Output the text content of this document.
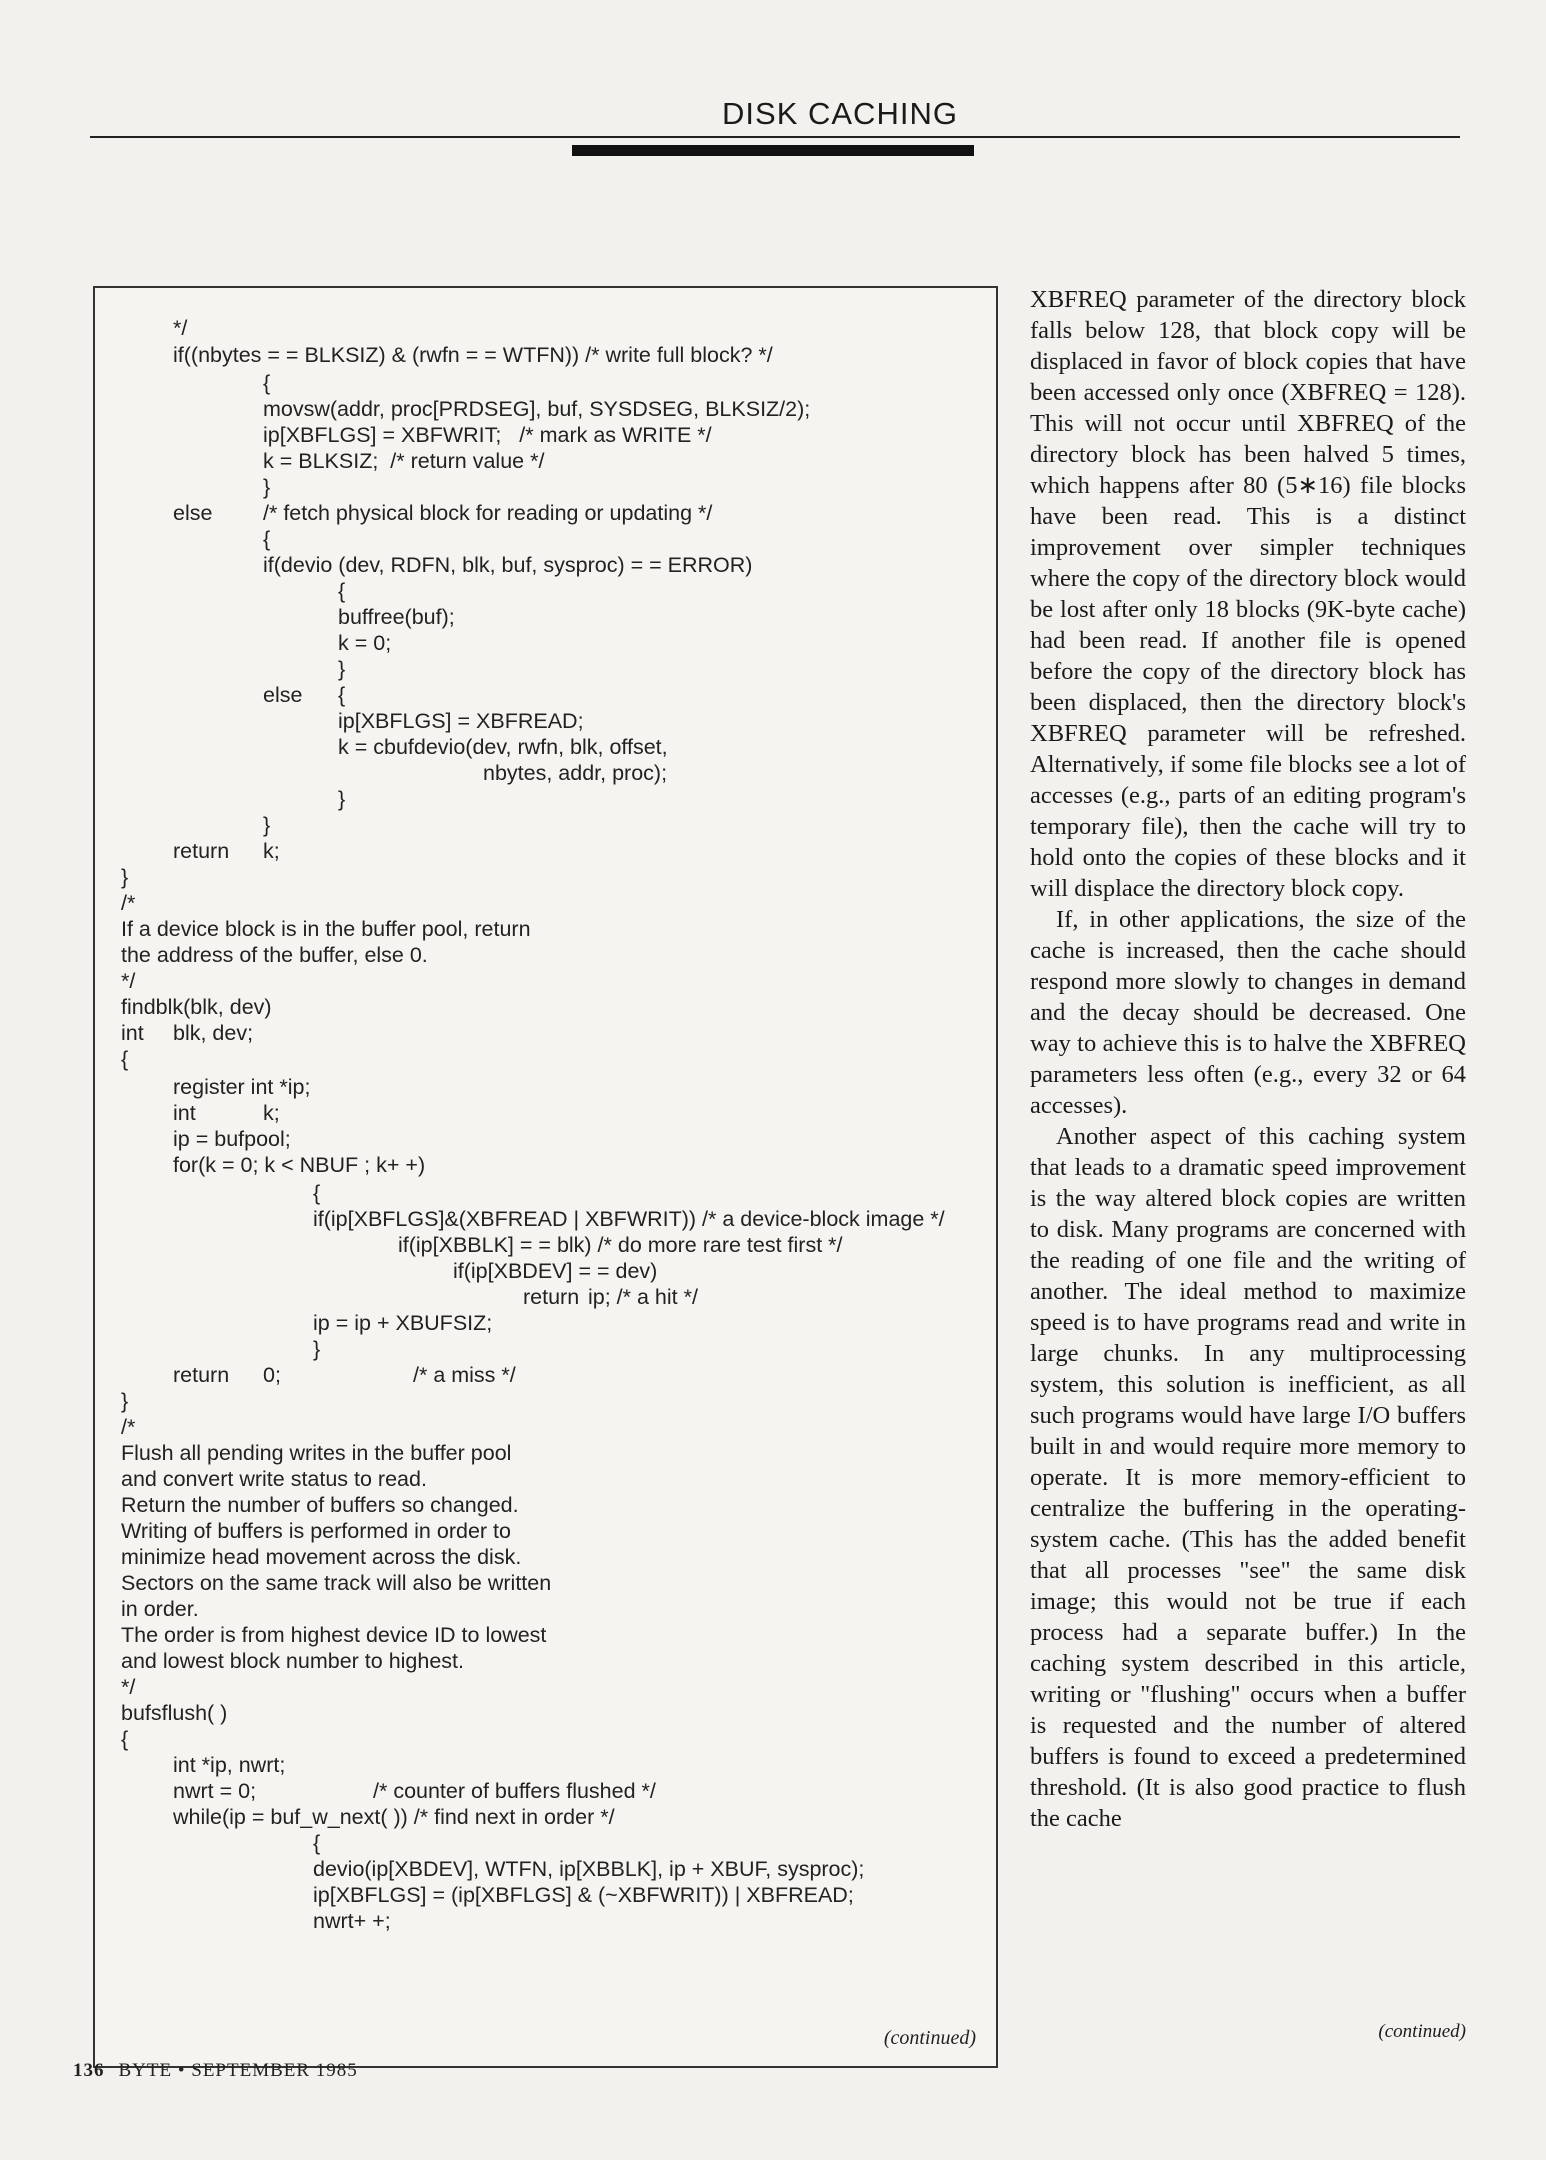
DISK CACHING
*/
if((nbytes = = BLKSIZ) & (rwfn = = WTFN)) /* write full block? */
{
movsw(addr, proc[PRDSEG], buf, SYSDSEG, BLKSIZ/2);
ip[XBFLGS] = XBFWRIT;   /* mark as WRITE */
k = BLKSIZ;  /* return value */
}
else /* fetch physical block for reading or updating */
{
if(devio (dev, RDFN, blk, buf, sysproc) = = ERROR)
{
buffree(buf);
k = 0;
}
else {
ip[XBFLGS] = XBFREAD;
k = cbufdevio(dev, rwfn, blk, offset,
nbytes, addr, proc);
}
}
return k;
}
/*
If a device block is in the buffer pool, return
the address of the buffer, else 0.
*/
findblk(blk, dev)
int blk, dev;
{
register int *ip;
int	k;
ip = bufpool;
for(k = 0; k < NBUF ; k+ +)
{
if(ip[XBFLGS]&(XBFREAD | XBFWRIT)) /* a device-block image */
if(ip[XBBLK] = = blk) /* do more rare test first */
if(ip[XBDEV] = = dev)
return ip; /* a hit */
ip = ip + XBUFSIZ;
}
return 0;	/* a miss */
}
/*
Flush all pending writes in the buffer pool
and convert write status to read.
Return the number of buffers so changed.
Writing of buffers is performed in order to
minimize head movement across the disk.
Sectors on the same track will also be written
in order.
The order is from highest device ID to lowest
and lowest block number to highest.
*/
bufsflush( )
{
int *ip, nwrt;
nwrt = 0;	/* counter of buffers flushed */
while(ip = buf_w_next( )) /* find next in order */
{
devio(ip[XBDEV], WTFN, ip[XBBLK], ip + XBUF, sysproc);
ip[XBFLGS] = (ip[XBFLGS] & (~XBFWRIT)) | XBFREAD;
nwrt+ +;
(continued)

XBFREQ parameter of the directory block falls below 128, that block copy will be displaced in favor of block copies that have been accessed only once (XBFREQ = 128). This will not occur until XBFREQ of the directory block has been halved 5 times, which happens after 80 (5∗16) file blocks have been read. This is a distinct improvement over simpler techniques where the copy of the directory block would be lost after only 18 blocks (9K-byte cache) had been read. If another file is opened before the copy of the directory block has been displaced, then the directory block's XBFREQ parameter will be refreshed. Alternatively, if some file blocks see a lot of accesses (e.g., parts of an editing program's temporary file), then the cache will try to hold onto the copies of these blocks and it will displace the directory block copy.

If, in other applications, the size of the cache is increased, then the cache should respond more slowly to changes in demand and the decay should be decreased. One way to achieve this is to halve the XBFREQ parameters less often (e.g., every 32 or 64 accesses).

Another aspect of this caching system that leads to a dramatic speed improvement is the way altered block copies are written to disk. Many programs are concerned with the reading of one file and the writing of another. The ideal method to maximize speed is to have programs read and write in large chunks. In any multiprocessing system, this solution is inefficient, as all such programs would have large I/O buffers built in and would require more memory to operate. It is more memory-efficient to centralize the buffering in the operating-system cache. (This has the added benefit that all processes "see" the same disk image; this would not be true if each process had a separate buffer.) In the caching system described in this article, writing or "flushing" occurs when a buffer is requested and the number of altered buffers is found to exceed a predetermined threshold. (It is also good practice to flush the cache

(continued)
136 BYTE • SEPTEMBER 1985
